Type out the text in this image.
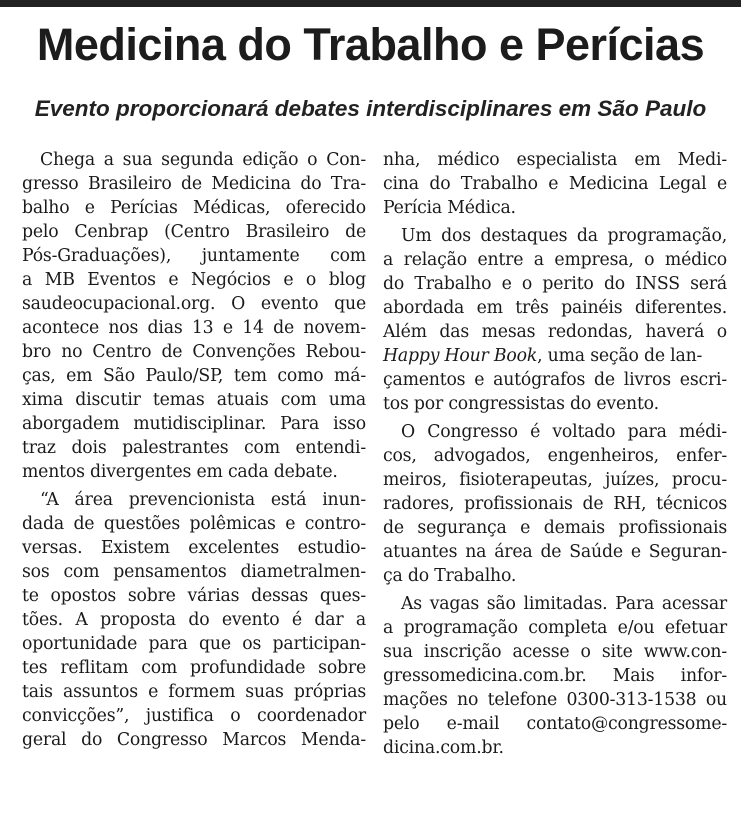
Medicina do Trabalho e Perícias
Evento proporcionará debates interdisciplinares em São Paulo

Chega a sua segunda edição o Con-
gresso Brasileiro de Medicina do Tra-
balho e Perícias Médicas, oferecido
pelo Cenbrap (Centro Brasileiro de
Pós-Graduações), juntamente com
a MB Eventos e Negócios e o blog
saudeocupacional.org. O evento que
acontece nos dias 13 e 14 de novem-
bro no Centro de Convenções Rebou-
ças, em São Paulo/SP, tem como má-
xima discutir temas atuais com uma
aborgadem mutidisciplinar. Para isso
traz dois palestrantes com entendi-
mentos divergentes em cada debate.

“A área prevencionista está inun-
dada de questões polêmicas e contro-
versas. Existem excelentes estudio-
sos com pensamentos diametralmen-
te opostos sobre várias dessas ques-
tões. A proposta do evento é dar a
oportunidade para que os participan-
tes reflitam com profundidade sobre
tais assuntos e formem suas próprias
convicções”, justifica o coordenador
geral do Congresso Marcos Menda-

nha, médico especialista em Medi-
cina do Trabalho e Medicina Legal e
Perícia Médica.

Um dos destaques da programação,
a relação entre a empresa, o médico
do Trabalho e o perito do INSS será
abordada em três painéis diferentes.
Além das mesas redondas, haverá o
Happy Hour Book, uma seção de lan-
çamentos e autógrafos de livros escri-
tos por congressistas do evento.

O Congresso é voltado para médi-
cos, advogados, engenheiros, enfer-
meiros, fisioterapeutas, juízes, procu-
radores, profissionais de RH, técnicos
de segurança e demais profissionais
atuantes na área de Saúde e Seguran-
ça do Trabalho.

As vagas são limitadas. Para acessar
a programação completa e/ou efetuar
sua inscrição acesse o site www.con-
gressomedicina.com.br. Mais infor-
mações no telefone 0300-313-1538 ou
pelo e-mail contato@congressome-
dicina.com.br.
